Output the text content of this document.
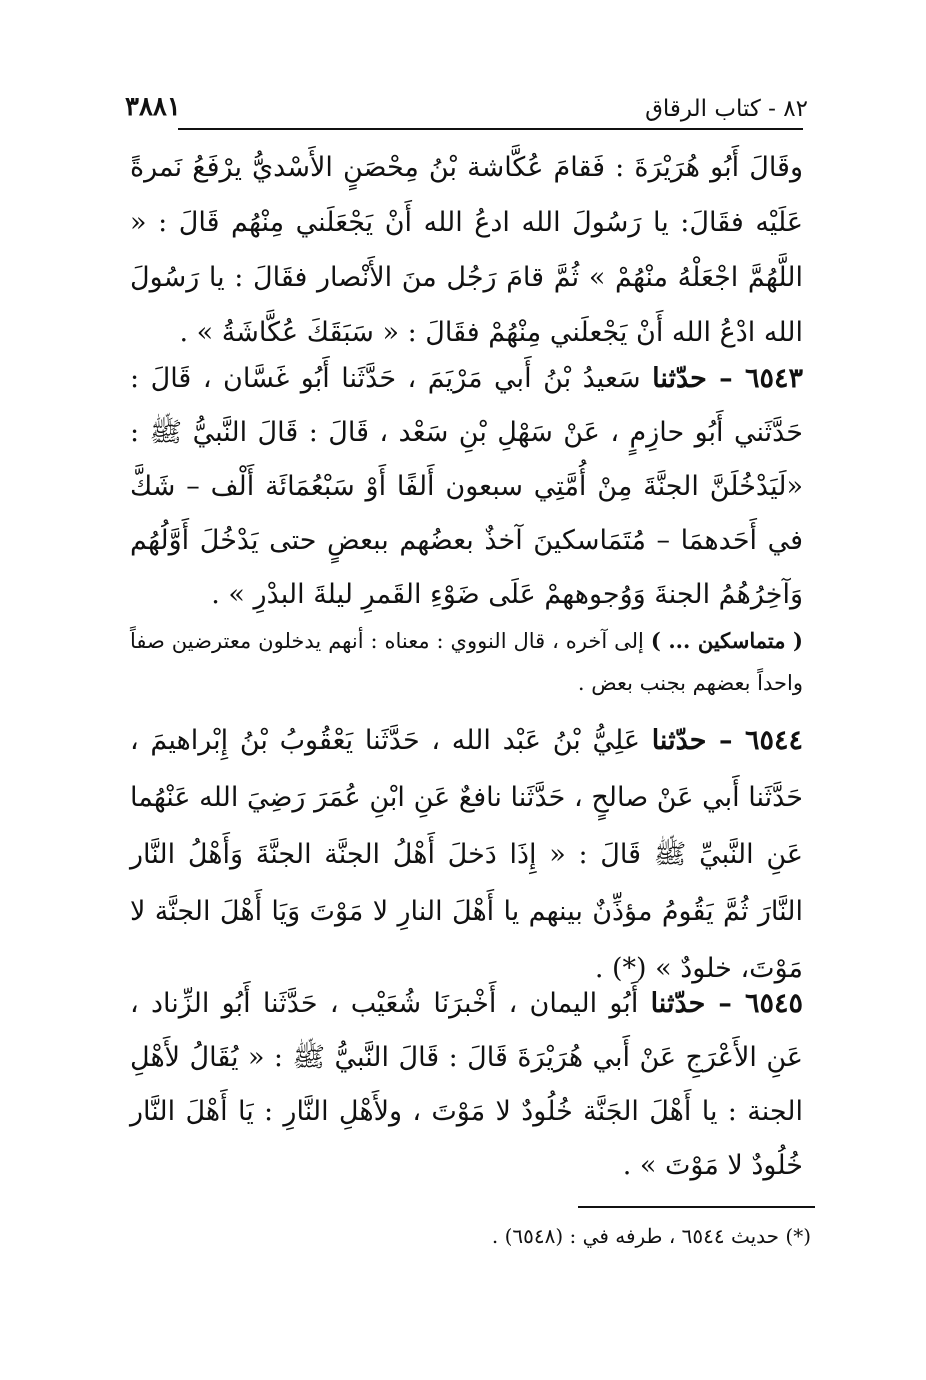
٨٢ - كتاب الرقاق
٣٨٨١

وقَالَ أَبُو هُرَيْرَةَ : فَقامَ عُكَّاشة بْنُ مِحْصَنٍ الأَسْديُّ يرْفَعُ نَمرةً عَلَيْه فقَالَ: يا رَسُولَ الله ادعُ الله أَنْ يَجْعَلَني مِنْهُم قَالَ : « اللَّهُمَّ اجْعَلْهُ منْهُمْ » ثُمَّ قامَ رَجُل منَ الأَنْصار فقَالَ : يا رَسُولَ الله ادْعُ الله أَنْ يَجْعلَني مِنْهُمْ فقَالَ : « سَبَقَكَ عُكَّاشَةُ » .

٦٥٤٣ – حدّثنا سَعيدُ بْنُ أَبي مَرْيَمَ ، حَدَّثَنا أَبُو غَسَّان ، قَالَ : حَدَّثَني أَبُو حازِمٍ ، عَنْ سَهْلِ بْنِ سَعْد ، قَالَ : قَالَ النَّبيُّ ﷺ : «لَيَدْخُلَنَّ الجنَّةَ مِنْ أُمَّتِي سبعون أَلفًا أَوْ سَبْعُمَائَة أَلْف – شَكَّ في أَحَدهمَا – مُتَمَاسكينَ آخذٌ بعضُهم ببعضٍ حتى يَدْخُلَ أَوَّلُهُم وَآخِرُهُمُ الجنةَ وَوُجوههمْ عَلَى ضَوْءِ القَمرِ ليلةَ البدْرِ » .

( متماسكين ... ) إلى آخره ، قال النووي : معناه : أنهم يدخلون معترضين صفاً واحداً بعضهم بجنب بعض .

٦٥٤٤ – حدّثنا عَلِيُّ بْنُ عَبْد الله ، حَدَّثَنا يَعْقُوبُ بْنُ إِبْراهيمَ ، حَدَّثَنا أَبي عَنْ صالحٍ ، حَدَّثَنا نافعٌ عَنِ ابْنِ عُمَرَ رَضِيَ الله عَنْهُما عَنِ النَّبيِّ ﷺ قَالَ : « إِذَا دَخلَ أَهْلُ الجنَّة الجنَّةَ وَأَهْلُ النَّار النَّارَ ثُمَّ يَقُومُ مؤذِّنٌ بينهم يا أَهْلَ النارِ لا مَوْتَ وَيَا أَهْلَ الجنَّة لا مَوْتَ، خلودٌ » (*) .

٦٥٤٥ – حدّثنا أَبُو اليمان ، أَخْبرَنَا شُعَيْب ، حَدَّثَنا أَبُو الزِّناد ، عَنِ الأَعْرَجِ عَنْ أَبي هُرَيْرَةَ قَالَ : قَالَ النَّبيُّ ﷺ : « يُقَالُ لأَهْلِ الجنة : يا أَهْلَ الجَنَّة خُلُودٌ لا مَوْتَ ، ولأَهْلِ النَّارِ : يَا أَهْلَ النَّار خُلُودٌ لا مَوْتَ » .

(*) حديث ٦٥٤٤ ، طرفه في : (٦٥٤٨) .
